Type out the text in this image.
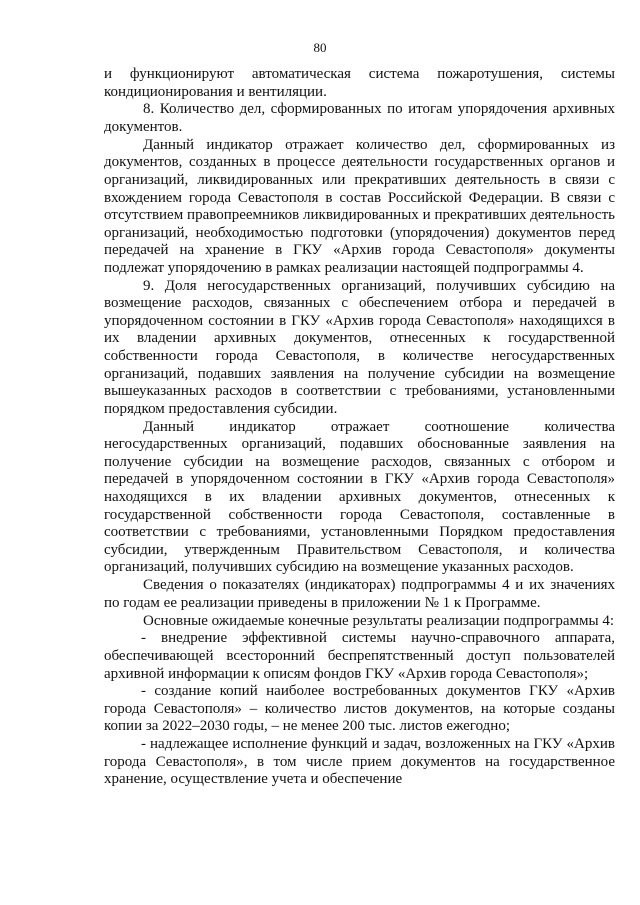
80

и функционируют автоматическая система пожаротушения, системы кондиционирования и вентиляции.

8. Количество дел, сформированных по итогам упорядочения архивных документов.

Данный индикатор отражает количество дел, сформированных из документов, созданных в процессе деятельности государственных органов и организаций, ликвидированных или прекративших деятельность в связи с вхождением города Севастополя в состав Российской Федерации. В связи с отсутствием правопреемников ликвидированных и прекративших деятельность организаций, необходимостью подготовки (упорядочения) документов перед передачей на хранение в ГКУ «Архив города Севастополя» документы подлежат упорядочению в рамках реализации настоящей подпрограммы 4.

9. Доля негосударственных организаций, получивших субсидию на возмещение расходов, связанных с обеспечением отбора и передачей в упорядоченном состоянии в ГКУ «Архив города Севастополя» находящихся в их владении архивных документов, отнесенных к государственной собственности города Севастополя, в количестве негосударственных организаций, подавших заявления на получение субсидии на возмещение вышеуказанных расходов в соответствии с требованиями, установленными порядком предоставления субсидии.

Данный индикатор отражает соотношение количества негосударственных организаций, подавших обоснованные заявления на получение субсидии на возмещение расходов, связанных с отбором и передачей в упорядоченном состоянии в ГКУ «Архив города Севастополя» находящихся в их владении архивных документов, отнесенных к государственной собственности города Севастополя, составленные в соответствии с требованиями, установленными Порядком предоставления субсидии, утвержденным Правительством Севастополя, и количества организаций, получивших субсидию на возмещение указанных расходов.

Сведения о показателях (индикаторах) подпрограммы 4 и их значениях по годам ее реализации приведены в приложении № 1 к Программе.

Основные ожидаемые конечные результаты реализации подпрограммы 4:

- внедрение эффективной системы научно-справочного аппарата, обеспечивающей всесторонний беспрепятственный доступ пользователей архивной информации к описям фондов ГКУ «Архив города Севастополя»;

- создание копий наиболее востребованных документов ГКУ «Архив города Севастополя» – количество листов документов, на которые созданы копии за 2022–2030 годы, – не менее 200 тыс. листов ежегодно;

- надлежащее исполнение функций и задач, возложенных на ГКУ «Архив города Севастополя», в том числе прием документов на государственное хранение, осуществление учета и обеспечение
